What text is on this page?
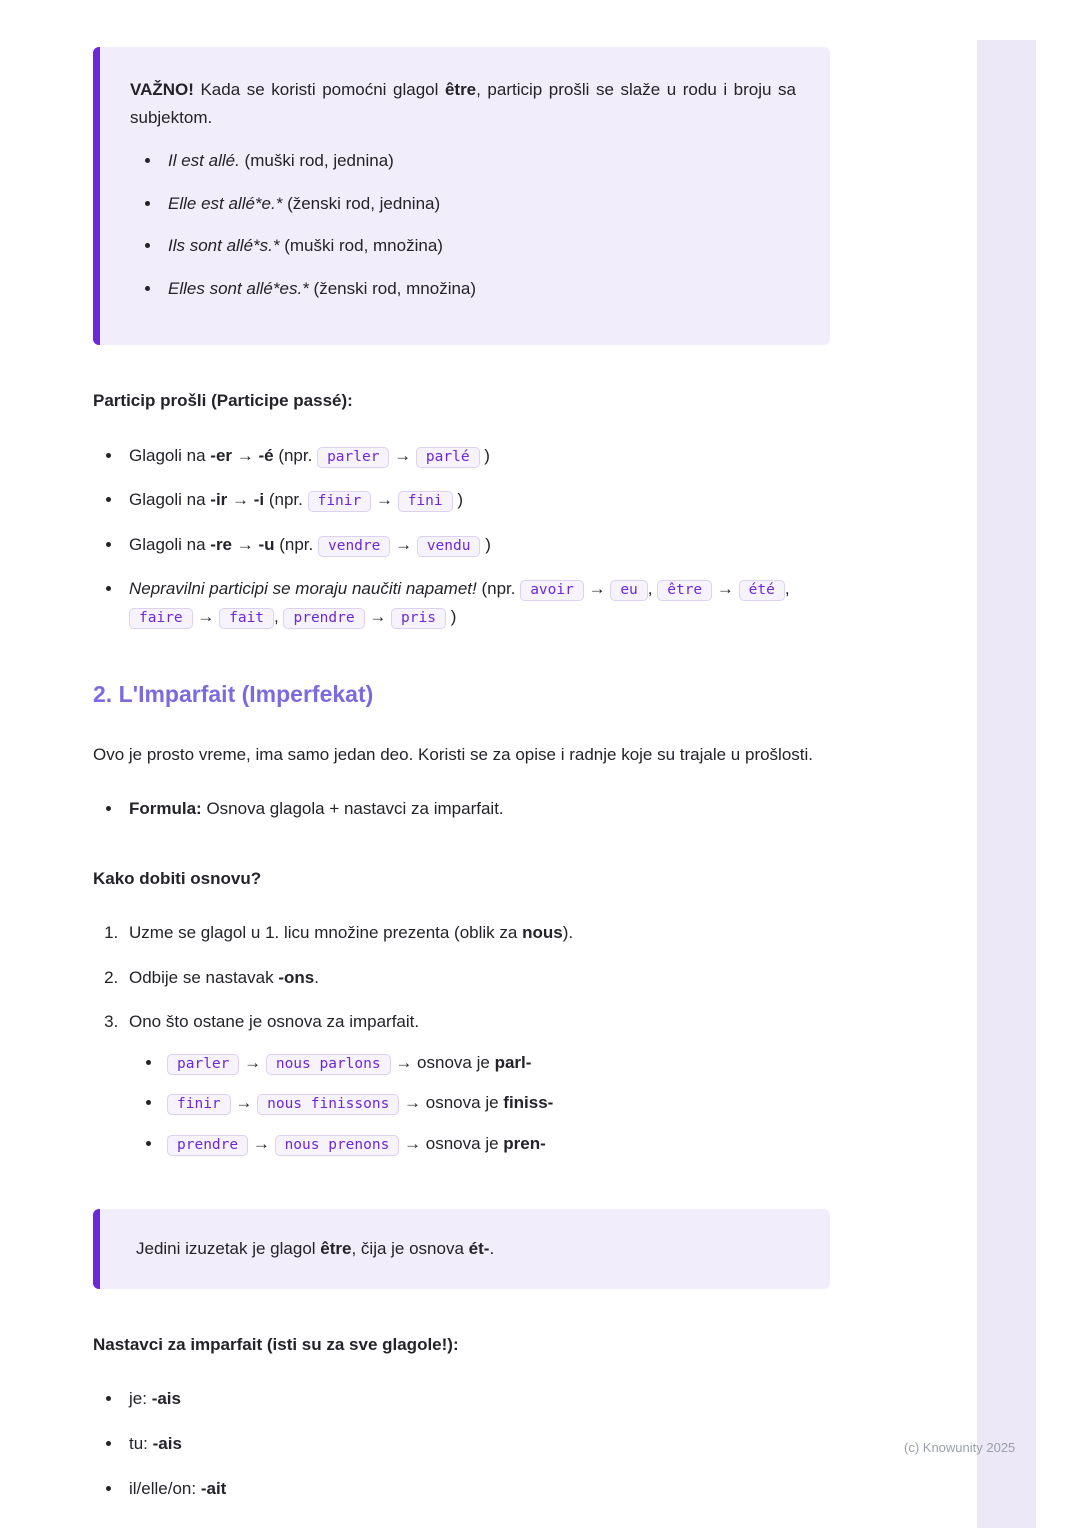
(c) Knowunity 2025

VAŽNO! Kada se koristi pomoćni glagol être, particip prošli se slaže u rodu i broju sa subjektom.

• Il est allé. (muški rod, jednina)
• Elle est allé*e.* (ženski rod, jednina)
• Ils sont allé*s.* (muški rod, množina)
• Elles sont allé*es.* (ženski rod, množina)
Particip prošli (Participe passé):
• Glagoli na -er → -é (npr. parler → parlé )
• Glagoli na -ir → -i (npr. finir → fini )
• Glagoli na -re → -u (npr. vendre → vendu )
• Nepravilni participi se moraju naučiti napamet! (npr. avoir → eu , être → été , faire → fait , prendre → pris )
2. L'Imparfait (Imperfekat)

Ovo je prosto vreme, ima samo jedan deo. Koristi se za opise i radnje koje su trajale u prošlosti.

• Formula: Osnova glagola + nastavci za imparfait.
Kako dobiti osnovu?
1. Uzme se glagol u 1. licu množine prezenta (oblik za nous).
2. Odbije se nastavak -ons.
3. Ono što ostane je osnova za imparfait.
• parler → nous parlons → osnova je parl-
• finir → nous finissons → osnova je finiss-
• prendre → nous prenons → osnova je pren-

Jedini izuzetak je glagol être, čija je osnova ét-.

Nastavci za imparfait (isti su za sve glagole!):
• je: -ais
• tu: -ais
• il/elle/on: -ait
